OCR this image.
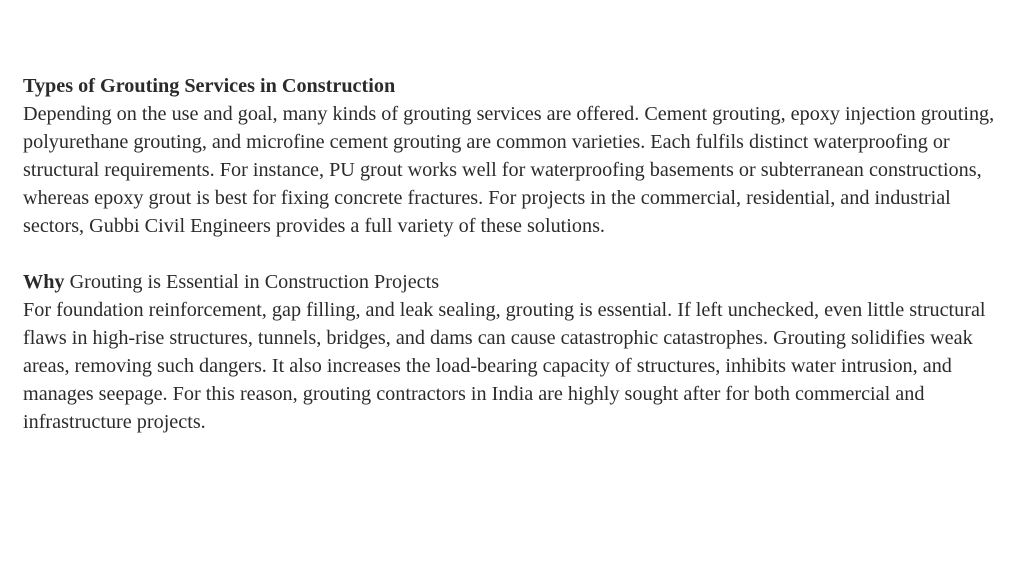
Types of Grouting Services in Construction
Depending on the use and goal, many kinds of grouting services are offered. Cement grouting, epoxy injection grouting, polyurethane grouting, and microfine cement grouting are common varieties. Each fulfils distinct waterproofing or structural requirements. For instance, PU grout works well for waterproofing basements or subterranean constructions, whereas epoxy grout is best for fixing concrete fractures. For projects in the commercial, residential, and industrial sectors, Gubbi Civil Engineers provides a full variety of these solutions.
Why Grouting is Essential in Construction Projects
For foundation reinforcement, gap filling, and leak sealing, grouting is essential. If left unchecked, even little structural flaws in high-rise structures, tunnels, bridges, and dams can cause catastrophic catastrophes. Grouting solidifies weak areas, removing such dangers. It also increases the load-bearing capacity of structures, inhibits water intrusion, and manages seepage. For this reason, grouting contractors in India are highly sought after for both commercial and infrastructure projects.
